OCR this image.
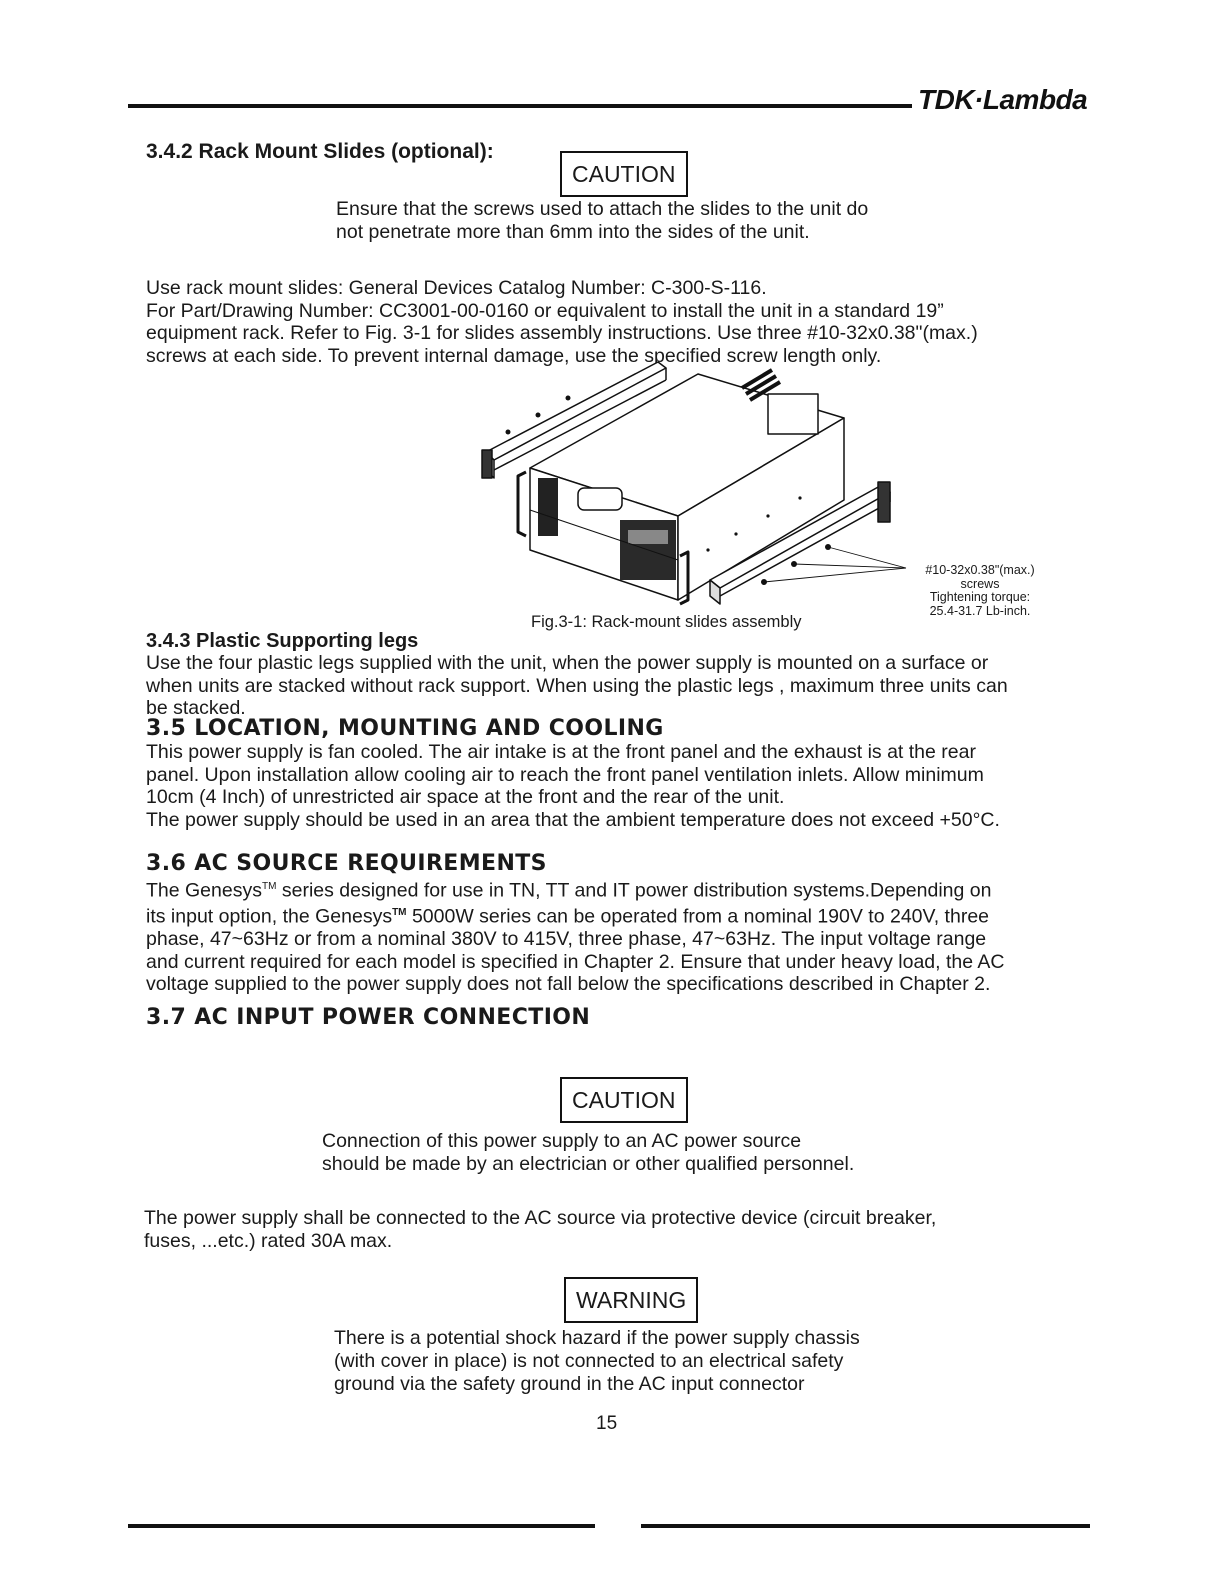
TDK·Lambda
3.4.2 Rack Mount Slides (optional):
CAUTION
Ensure that the screws used to attach the slides to the unit do
not penetrate more than 6mm into the sides of the unit.

Use rack mount slides: General Devices Catalog Number: C-300-S-116.

For Part/Drawing Number: CC3001-00-0160 or equivalent to install the unit in a standard 19”

equipment rack. Refer to Fig. 3-1 for slides assembly instructions. Use three #10-32x0.38"(max.)

screws at each side. To prevent internal damage, use the specified screw length only.

#10-32x0.38"(max.)
screws
Tightening torque:
25.4-31.7 Lb-inch.
Fig.3-1: Rack-mount slides assembly
3.4.3 Plastic Supporting legs

Use the four plastic legs supplied with the unit, when the power supply is mounted on a surface or

when units are stacked without rack support. When using the plastic legs , maximum three units can

be stacked.

3.5 LOCATION, MOUNTING AND COOLING

This power supply is fan cooled. The air intake is at the front panel and the exhaust is at the rear

panel. Upon installation allow cooling air to reach the front panel ventilation inlets. Allow minimum

10cm (4 Inch) of unrestricted air space at the front and the rear of the unit.

The power supply should be used in an area that the ambient temperature does not exceed +50°C.

3.6 AC SOURCE REQUIREMENTS

The Genesys™ series designed for use in TN, TT and IT power distribution systems.Depending on

its input option, the Genesys™ 5000W series can be operated from a nominal 190V to 240V, three

phase, 47~63Hz or from a nominal 380V to 415V, three phase, 47~63Hz. The input voltage range

and current required for each model is specified in Chapter 2. Ensure that under heavy load, the AC

voltage supplied to the power supply does not fall below the specifications described in Chapter 2.

3.7 AC INPUT POWER CONNECTION
CAUTION
Connection of this power supply to an AC power source
should be made by an electrician or other qualified personnel.
The power supply shall be connected to the AC source via protective device (circuit breaker,
fuses, ...etc.) rated 30A max.
WARNING
There is a potential shock hazard if the power supply chassis
(with cover in place) is not connected to an electrical safety
ground via the safety ground in the AC input connector
15
